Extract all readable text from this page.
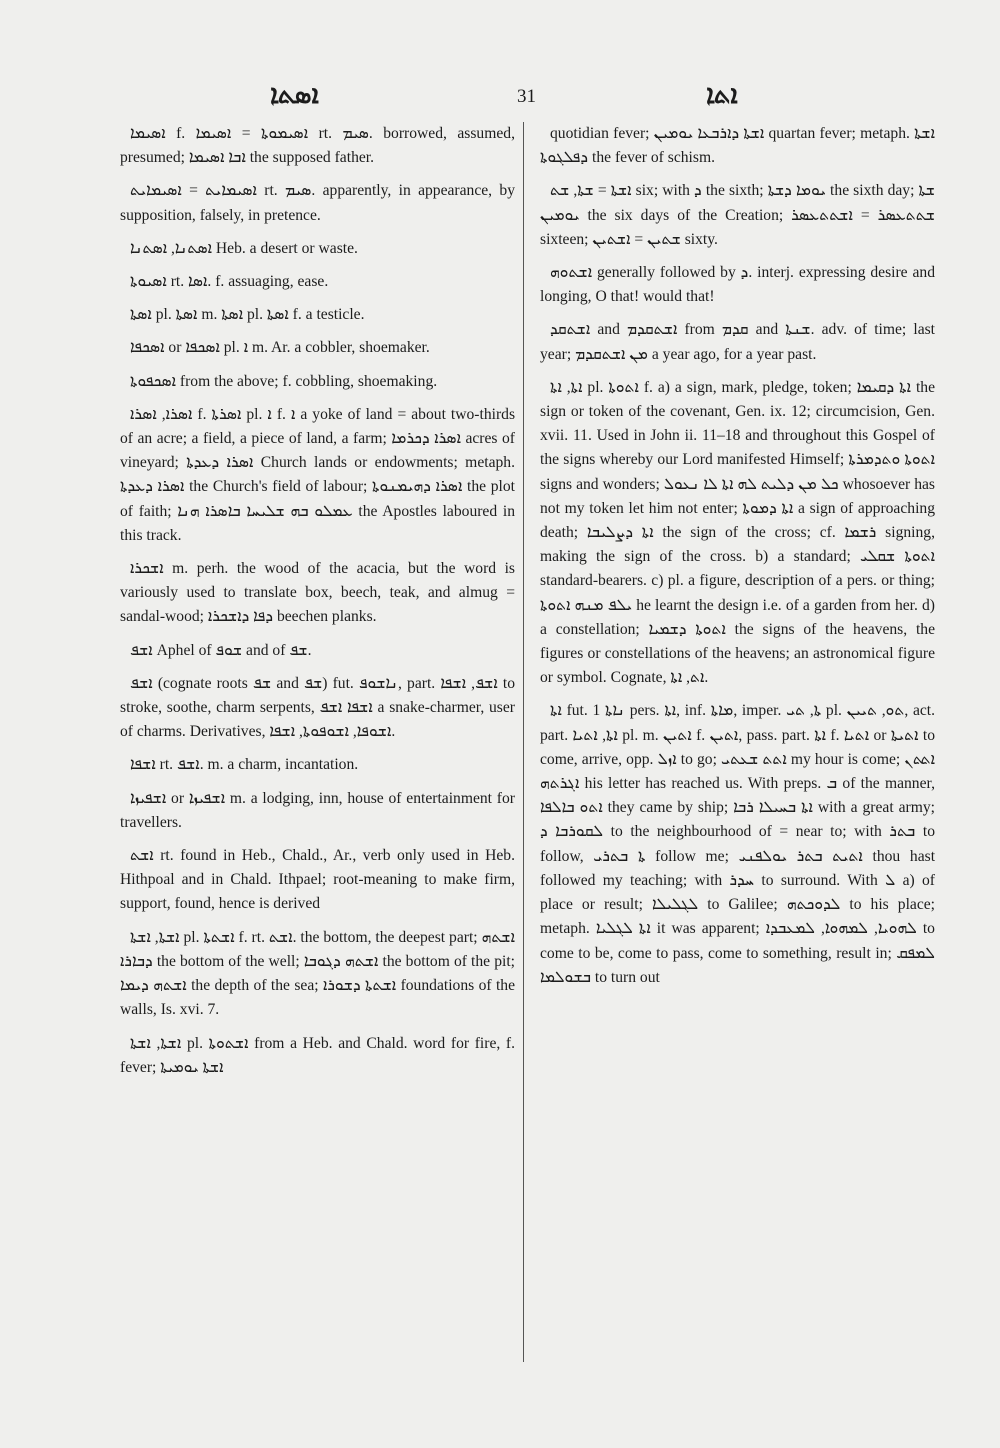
ܐܣܬܐ	31	ܐܬܐ

ܐܣܝܡܐ f. ܐܣܝܡܘܬܐ = ܐܣܝܡܐ rt. ܣܝܡ. borrowed, assumed, presumed; ܐܒܐ ܐܣܝܡܐ the supposed father.

ܐܣܝܡܐܝܬ = ܐܣܝܡܐܝܬ rt. ܣܝܡ. apparently, in appearance, by supposition, falsely, in pretence.

ܐܣܬܢܐ, ܐܣܬܢܐ Heb. a desert or waste.

ܐܣܝܘܬܐ rt. ܐܣܐ. f. assuaging, ease.

ܐܣܬܐ pl. ܐܣܬܐ m. ܐܣܬܐ pl. ܐܣܬܐ f. a testicle.

ܐܣܟܦܐ or ܐܣܟܦܐ pl. ܐ m. Ar. a cobbler, shoemaker.

ܐܣܟܦܘܬܐ from the above; f. cobbling, shoemaking.

ܐܣܪܐ, ܐܣܪܐ f. ܐܣܪܬܐ pl. ܐ f. ܐ a yoke of land = about two-thirds of an acre; a field, a piece of land, a farm; ܐܣܪܐ ܕܟܪܡܐ acres of vineyard; ܐܣܪܐ ܕܥܕܬܐ Church lands or endowments; metaph. ܐܣܪܐ ܕܥܕܬܐ the Church's field of labour; ܐܣܪܐ ܕܗܝܡܢܘܬܐ the plot of faith; ܥܡܠܘ ܒܗ ܫܠܝܚܐ ܒܐܣܪܐ ܗܢܐ the Apostles laboured in this track.

ܐܫܟܪܐ m. perh. the wood of the acacia, but the word is variously used to translate box, beech, teak, and almug = sandal-wood; ܕܦܐ ܕܐܫܟܪܐ beechen planks.

ܐܫܦ Aphel of ܫܘܦ and of ܫܦ.

ܐܫܦ (cognate roots ܫܦ and ܫܦ) fut. ܢܐܫܘܦ, part. ܐܫܦ, ܐܫܦܐ to stroke, soothe, charm serpents, ܐܫܦܐ ܐܫܦ a snake-charmer, user of charms. Derivatives, ܐܫܘܦܐ, ܐܫܘܦܘܬܐ, ܐܫܦܐ.

ܐܫܦܐ rt. ܐܫܦ. m. a charm, incantation.

ܐܫܦܝܙܐ or ܐܫܦܝܙܐ m. a lodging, inn, house of entertainment for travellers.

ܐܫܬ rt. found in Heb., Chald., Ar., verb only used in Heb. Hithpoal and in Chald. Ithpael; root-meaning to make firm, support, found, hence is derived

ܐܫܬܐ, ܐܫܬܐ pl. ܐܫܬܬܐ f. rt. ܐܫܬ. the bottom, the deepest part; ܐܫܬܗ ܕܒܐܪܐ the bottom of the well; ܐܫܬܗ ܕܓܘܒܐ the bottom of the pit; ܐܫܬܗ ܕܝܡܐ the depth of the sea; ܐܫܬܬܐ ܕܫܘܪܐ foundations of the walls, Is. xvi. 7.

ܐܫܬܐ, ܐܫܬܐ pl. ܐܫܬܘܬܐ from a Heb. and Chald. word for fire, f. fever; ܐܫܬܐ ܝܘܡܝܬܐ

quotidian fever; ܐܫܬܐ ܕܐܪܒܥܐ ܝܘܡܝܢ quartan fever; metaph. ܐܫܬܐ ܕܦܠܓܘܬܐ the fever of schism.

ܐܫܬܐ = ܫܬܐ, ܫܬ six; with ܕ the sixth; ܝܘܡܐ ܕܫܬܐ the sixth day; ܫܬܐ ܝܘܡܝܢ the six days of the Creation; ܫܬܬܥܣܪ = ܐܫܬܬܥܣܪ sixteen; ܫܬܝܢ = ܐܫܬܝܢ sixty.

ܐܫܬܘܗ generally followed by ܕ. interj. expressing desire and longing, O that! would that!

ܐܫܬܩܕ and ܐܫܬܩܕܡ from ܩܕܡ and ܫܢܬܐ. adv. of time; last year; ܡܢ ܐܫܬܩܕܡ a year ago, for a year past.

ܐܬܐ, ܐܬܐ pl. ܐܬܘܬܐ f. a) a sign, mark, pledge, token; ܐܬܐ ܕܩܝܡܐ the sign or token of the covenant, Gen. ix. 12; circumcision, Gen. xvii. 11. Used in John ii. 11–18 and throughout this Gospel of the signs whereby our Lord manifested Himself; ܐܬܘܬܐ ܘܬܕܡܪܬܐ signs and wonders; ܟܠ ܡܢ ܕܠܝܬ ܠܗ ܐܬܐ ܠܐ ܢܥܘܠ whosoever has not my token let him not enter; ܐܬܐ ܕܡܘܬܐ a sign of approaching death; ܐܬܐ ܕܨܠܝܒܐ the sign of the cross; cf. ܪܫܡܐ signing, making the sign of the cross. b) a standard; ܐܬܘܬܐ ܫܩܠܝ standard-bearers. c) pl. a figure, description of a pers. or thing; ܝܠܦ ܡܢܗ ܐܬܘܬܐ he learnt the design i.e. of a garden from her. d) a constellation; ܐܬܘܬܐ ܕܫܡܝܐ the signs of the heavens, the figures or constellations of the heavens; an astronomical figure or symbol. Cognate, ܐܬ, ܐܬܐ.

ܐܬܐ fut. ܢܐܬܐ 1 pers. ܐܬܐ, inf. ܡܐܬܐ, imper. ܬܐ, ܬܝ pl. ܬܘ, ܬܝܝܢ, act. part. ܐܬܐ, ܐܬܝܐ pl. m. ܐܬܝܢ f. ܐܬܝܢ, pass. part. ܐܬܐ f. ܐܬܝܐ or ܐܬܝܬܐ to come, arrive, opp. ܐܙܠ to go; ܐܬܬ ܫܥܬܝ my hour is come; ܐܬܬܢ ܐܓܪܬܗ his letter has reached us. With preps. ܒ of the manner, ܐܬܘ ܒܐܠܦܐ they came by ship; ܐܬܐ ܒܚܝܠܐ ܪܒܐ with a great army; ܠܩܘܪܒܐ ܕ to the neighbourhood of = near to; with ܒܬܪ to follow, ܬܐ ܒܬܪܝ follow me; ܐܬܝܬ ܒܬܪ ܝܘܠܦܢܝ thou hast followed my teaching; with ܚܕܪ to surround. With ܠ a) of place or result; ܠܓܠܝܠܐ to Galilee; ܠܕܘܟܬܗ to his place; metaph. ܐܬܐ ܠܓܠܝܐ it was apparent; ܠܗܘܝܐ, ܠܡܗܘܐ, ܠܡܥܒܕܐ to come to be, come to pass, come to something, result in; ܠܡܦܩ ܒܫܘܠܡܐ to turn out
